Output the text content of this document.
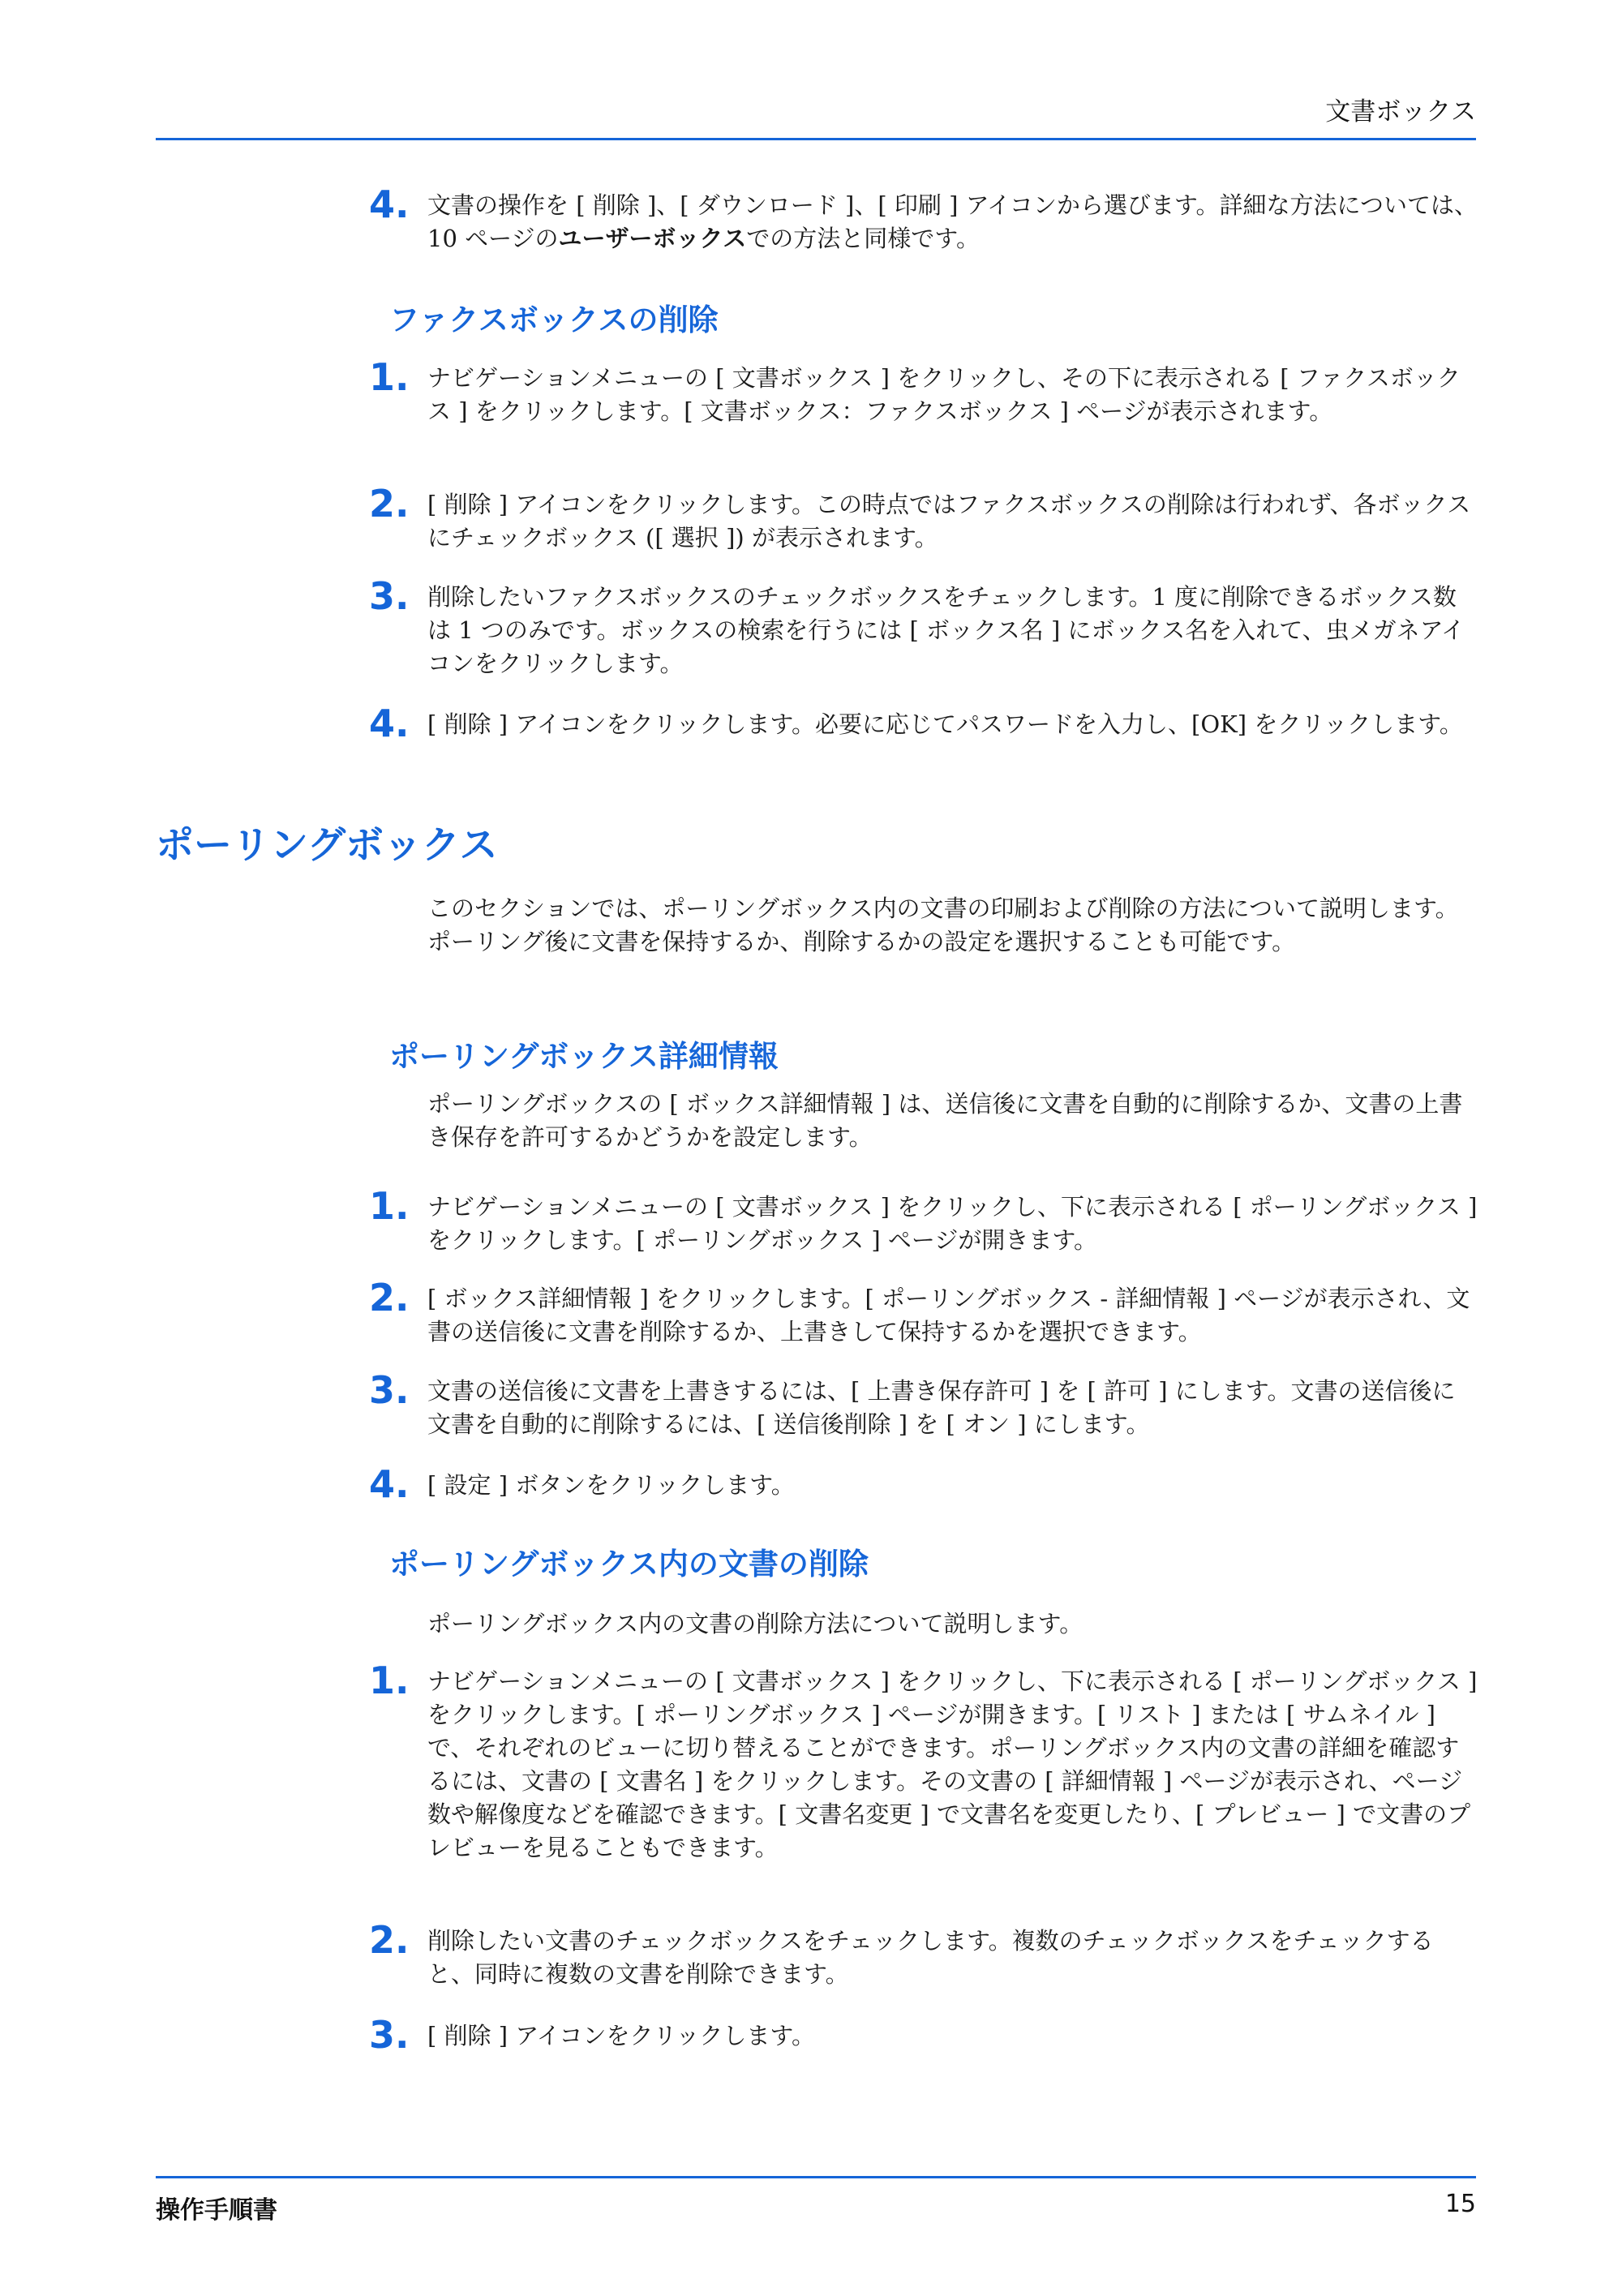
文書ボックス
4. 文書の操作を [ 削除 ]、[ ダウンロード ]、[ 印刷 ] アイコンから選びます。詳細な方法については、10 ページのユーザーボックスでの方法と同様です。
ファクスボックスの削除
1. ナビゲーションメニューの [ 文書ボックス ] をクリックし、その下に表示される [ ファクスボックス ] をクリックします。[ 文書ボックス：ファクスボックス ] ページが表示されます。
2. [ 削除 ] アイコンをクリックします。この時点ではファクスボックスの削除は行われず、各ボックスにチェックボックス ([ 選択 ]) が表示されます。
3. 削除したいファクスボックスのチェックボックスをチェックします。1 度に削除できるボックス数は 1 つのみです。ボックスの検索を行うには [ ボックス名 ] にボックス名を入れて、虫メガネアイコンをクリックします。
4. [ 削除 ] アイコンをクリックします。必要に応じてパスワードを入力し、[OK] をクリックします。
ポーリングボックス
このセクションでは、ポーリングボックス内の文書の印刷および削除の方法について説明します。ポーリング後に文書を保持するか、削除するかの設定を選択することも可能です。
ポーリングボックス詳細情報
ポーリングボックスの [ ボックス詳細情報 ] は、送信後に文書を自動的に削除するか、文書の上書き保存を許可するかどうかを設定します。
1. ナビゲーションメニューの [ 文書ボックス ] をクリックし、下に表示される [ ポーリングボックス ] をクリックします。[ ポーリングボックス ] ページが開きます。
2. [ ボックス詳細情報 ] をクリックします。[ ポーリングボックス - 詳細情報 ] ページが表示され、文書の送信後に文書を削除するか、上書きして保持するかを選択できます。
3. 文書の送信後に文書を上書きするには、[ 上書き保存許可 ] を [ 許可 ] にします。文書の送信後に文書を自動的に削除するには、[ 送信後削除 ] を [ オン ] にします。
4. [ 設定 ] ボタンをクリックします。
ポーリングボックス内の文書の削除
ポーリングボックス内の文書の削除方法について説明します。
1. ナビゲーションメニューの [ 文書ボックス ] をクリックし、下に表示される [ ポーリングボックス ] をクリックします。[ ポーリングボックス ] ページが開きます。[ リスト ] または [ サムネイル ] で、それぞれのビューに切り替えることができます。ポーリングボックス内の文書の詳細を確認するには、文書の [ 文書名 ] をクリックします。その文書の [ 詳細情報 ] ページが表示され、ページ数や解像度などを確認できます。[ 文書名変更 ] で文書名を変更したり、[ プレビュー ] で文書のプレビューを見ることもできます。
2. 削除したい文書のチェックボックスをチェックします。複数のチェックボックスをチェックすると、同時に複数の文書を削除できます。
3. [ 削除 ] アイコンをクリックします。
操作手順書	15
